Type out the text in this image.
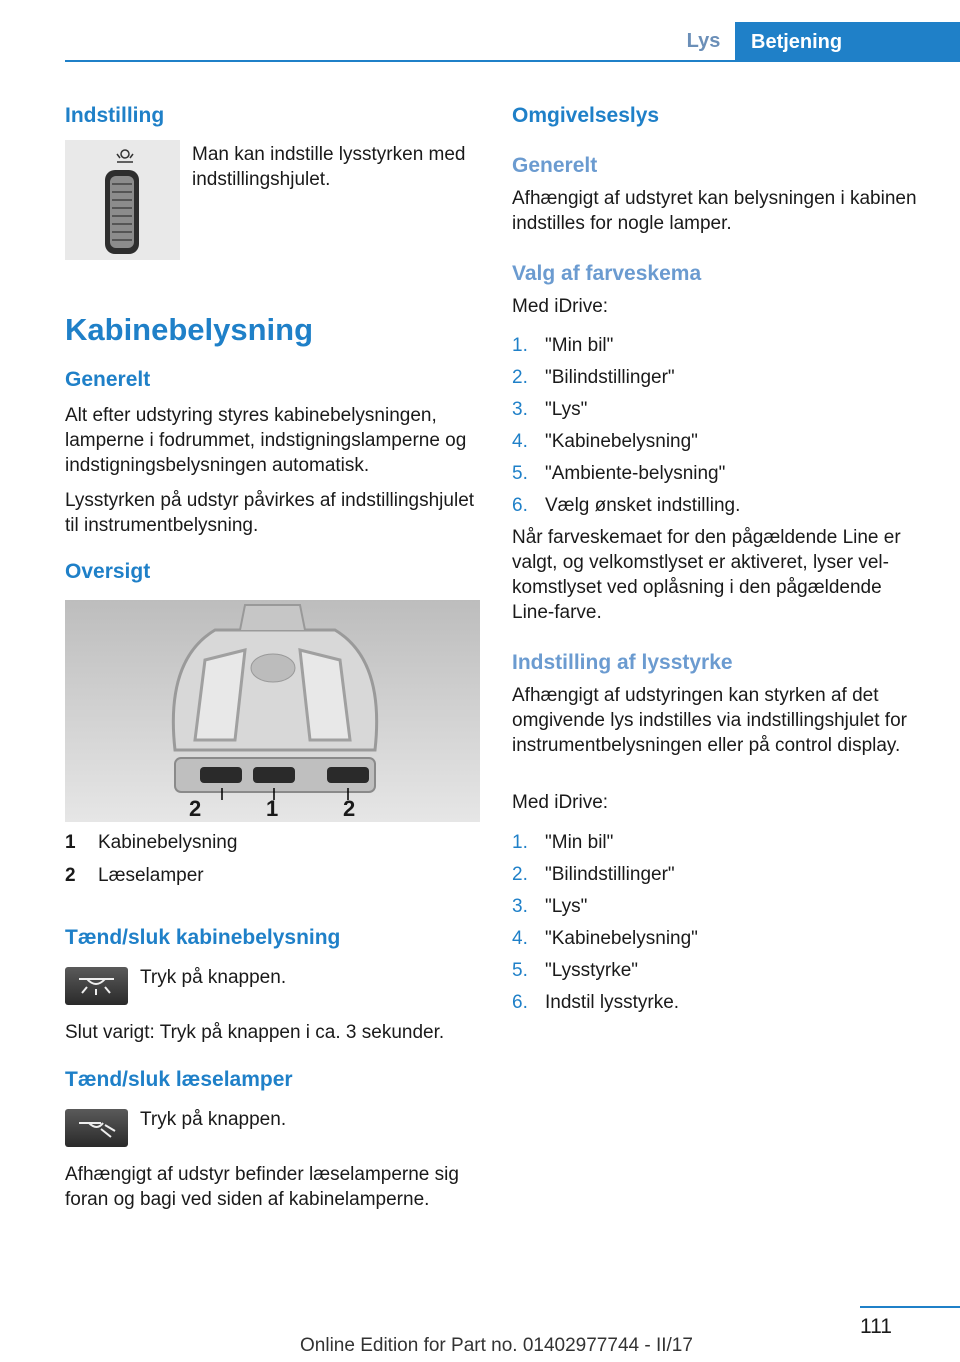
Lys	Betjening
Indstilling
Man kan indstille lysstyrken med indstillingshjulet.
Kabinebelysning
Generelt
Alt efter udstyring styres kabinebelysningen, lamperne i fodrummet, indstigningslamperne og indstigningsbelysningen automatisk.
Lysstyrken på udstyr påvirkes af indstillingshjulet til instrumentbelysning.
Oversigt
2	1	2
1 Kabinebelysning
2 Læselamper
Tænd/sluk kabinebelysning
Tryk på knappen.
Slut varigt: Tryk på knappen i ca. 3 sekunder.
Tænd/sluk læselamper
Tryk på knappen.
Afhængigt af udstyr befinder læselamperne sig foran og bagi ved siden af kabinelamperne.
Omgivelseslys
Generelt
Afhængigt af udstyret kan belysningen i kabinen indstilles for nogle lamper.
Valg af farveskema
Med iDrive:
1. "Min bil"
2. "Bilindstillinger"
3. "Lys"
4. "Kabinebelysning"
5. "Ambiente-belysning"
6. Vælg ønsket indstilling.
Når farveskemaet for den pågældende Line er valgt, og velkomstlyset er aktiveret, lyser velkomstlyset ved oplåsning i den pågældende Line-farve.
Indstilling af lysstyrke
Afhængigt af udstyringen kan styrken af det omgivende lys indstilles via indstillingshjulet for instrumentbelysningen eller på control display.
Med iDrive:
1. "Min bil"
2. "Bilindstillinger"
3. "Lys"
4. "Kabinebelysning"
5. "Lysstyrke"
6. Indstil lysstyrke.
111
Online Edition for Part no. 01402977744 - II/17
